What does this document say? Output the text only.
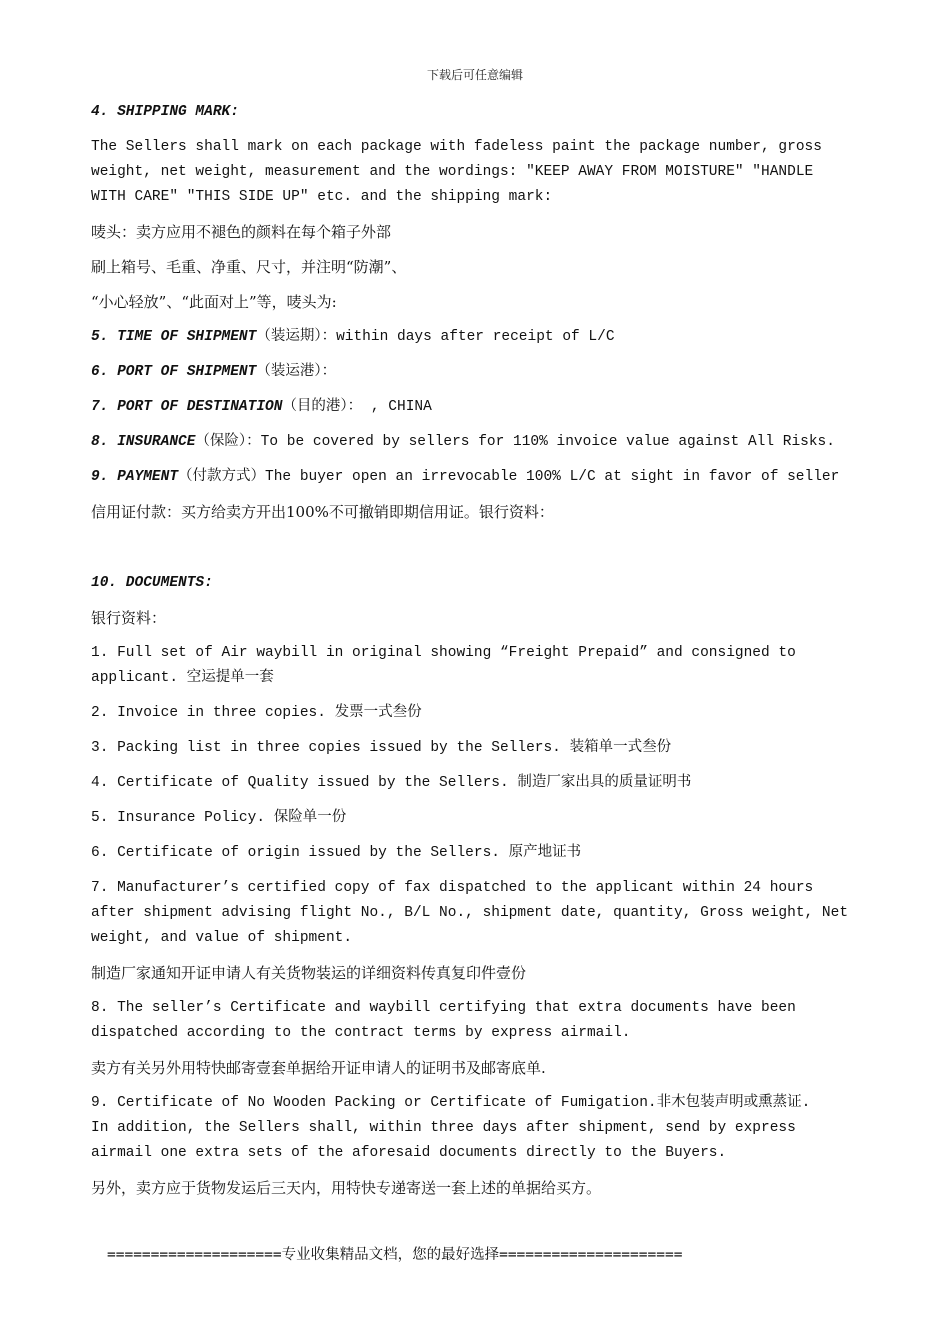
下载后可任意编辑

4. SHIPPING MARK:

The Sellers shall mark on each package with fadeless paint the package number, gross weight, net weight, measurement and the wordings: "KEEP AWAY FROM MOISTURE" "HANDLE WITH CARE" "THIS SIDE UP" etc. and the shipping mark:

唛头：卖方应用不褪色的颜料在每个箱子外部

刷上箱号、毛重、净重、尺寸，并注明“防潮”、

“小心轻放”、“此面对上”等，唛头为:

5. TIME OF SHIPMENT（装运期）：within days after receipt of L/C

6. PORT OF SHIPMENT（装运港）：

7. PORT OF DESTINATION（目的港）： , CHINA

8. INSURANCE（保险）：To be covered by sellers for 110% invoice value against All Risks.

9. PAYMENT（付款方式）The buyer open an irrevocable 100% L/C at sight in favor of seller

信用证付款：买方给卖方开出100%不可撤销即期信用证。银行资料：

10. DOCUMENTS:

银行资料：

1. Full set of Air waybill in original showing “Freight Prepaid” and consigned to applicant. 空运提单一套

2. Invoice in three copies. 发票一式叁份

3. Packing list in three copies issued by the Sellers. 装箱单一式叁份

4. Certificate of Quality issued by the Sellers. 制造厂家出具的质量证明书

5. Insurance Policy. 保险单一份

6. Certificate of origin issued by the Sellers. 原产地证书

7. Manufacturer’s certified copy of fax dispatched to the applicant within 24 hours after shipment advising flight No., B/L No., shipment date, quantity, Gross weight, Net weight, and value of shipment.

制造厂家通知开证申请人有关货物装运的详细资料传真复印件壹份

8. The seller’s Certificate and waybill certifying that extra documents have been dispatched according to the contract terms by express airmail.

卖方有关另外用特快邮寄壹套单据给开证申请人的证明书及邮寄底单.

9. Certificate of No Wooden Packing or Certificate of Fumigation.非木包装声明或熏蒸证.

In addition, the Sellers shall, within three days after shipment, send by express airmail one extra sets of the aforesaid documents directly to the Buyers.

另外，卖方应于货物发运后三天内，用特快专递寄送一套上述的单据给买方。

====================专业收集精品文档，您的最好选择=====================
